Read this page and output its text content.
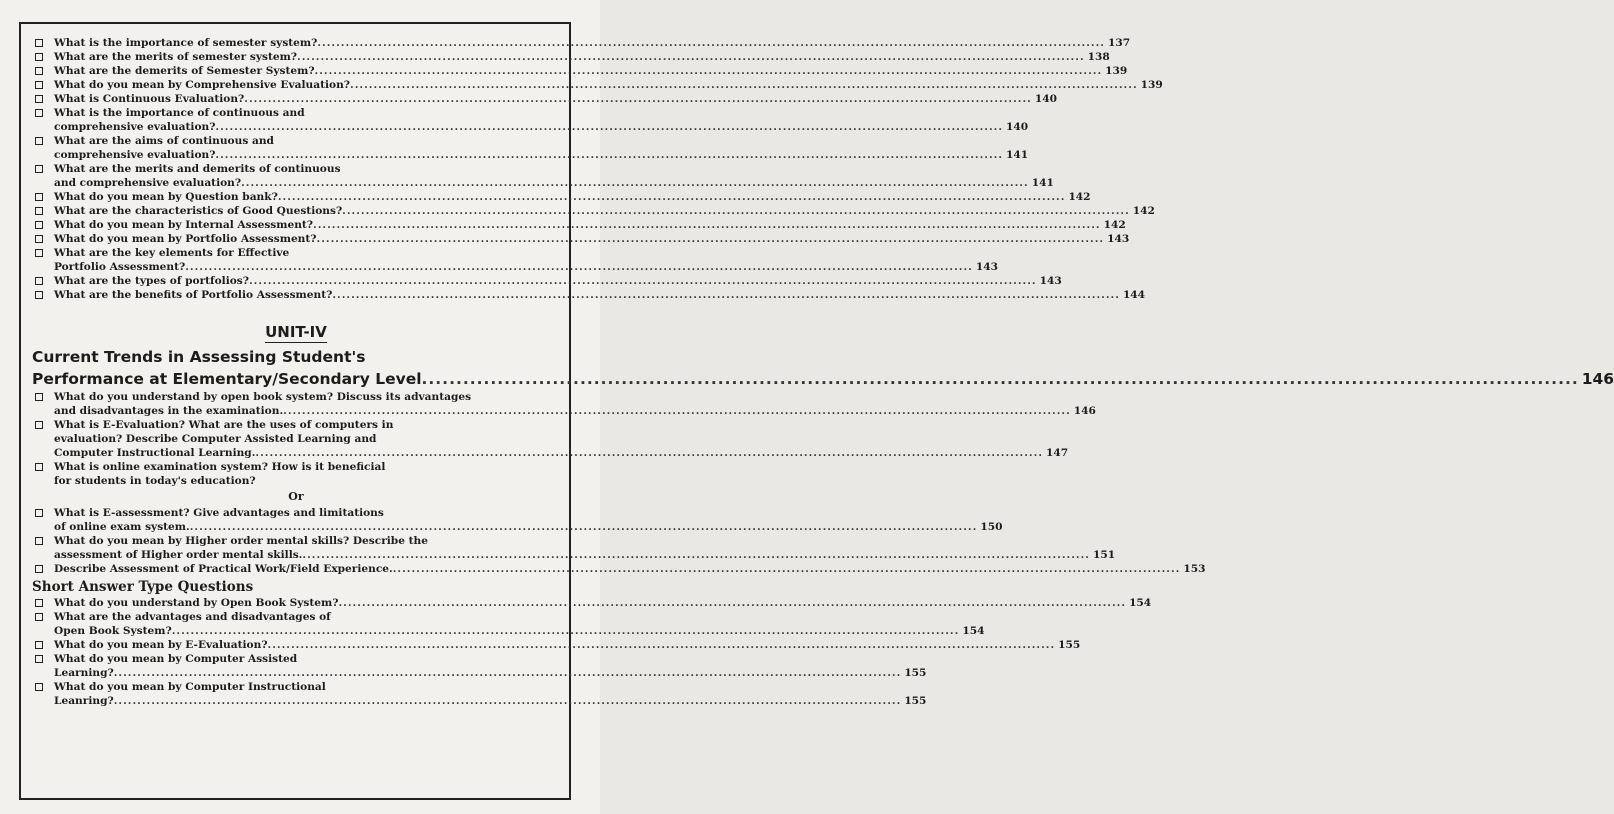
What is the importance of semester system? .....	137
What are the merits of semester system? .....	138
What are the demerits of Semester System? .....	139
What do you mean by Comprehensive Evaluation? .....	139
What is Continuous Evaluation? .....	140
What is the importance of continuous and
comprehensive evaluation? .....	140
What are the aims of continuous and
comprehensive evaluation? .....	141
What are the merits and demerits of continuous
and comprehensive evaluation? .....	141
What do you mean by Question bank? .....	142
What are the characteristics of Good Questions? .....	142
What do you mean by Internal Assessment? .....	142
What do you mean by Portfolio Assessment? .....	143
What are the key elements for Effective
Portfolio Assessment? .....	143
What are the types of portfolios? .....	143
What are the benefits of Portfolio Assessment? .....	144
UNIT-IV
Current Trends in Assessing Student's
Performance at Elementary/Secondary Level .....	146
What do you understand by open book system? Discuss its advantages
and disadvantages in the examination. .....	146
What is E-Evaluation? What are the uses of computers in
evaluation? Describe Computer Assisted Learning and
Computer Instructional Learning. .....	147
What is online examination system? How is it beneficial
for students in today's education?
Or
What is E-assessment? Give advantages and limitations
of online exam system. .....	150
What do you mean by Higher order mental skills? Describe the
assessment of Higher order mental skills. .....	151
Describe Assessment of Practical Work/Field Experience. .....	153
Short Answer Type Questions
What do you understand by Open Book System? .....	154
What are the advantages and disadvantages of
Open Book System? .....	154
What do you mean by E-Evaluation? .....	155
What do you mean by Computer Assisted
Learning? .....	155
What do you mean by Computer Instructional
Leanring? .....	155
